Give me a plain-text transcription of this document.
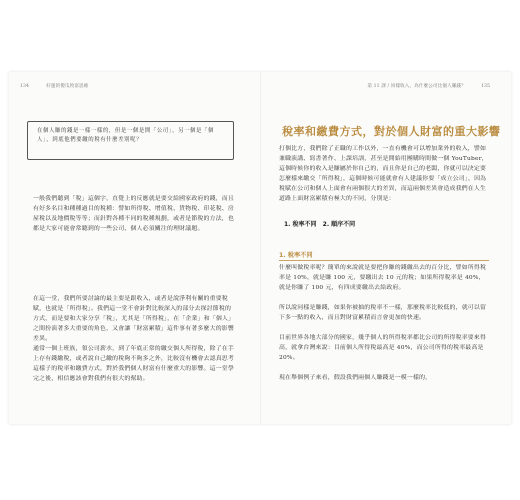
134	好運的傻瓜致富思維	第 11 課 / 同樣收入，為什麼公司比個人賺錢？	135
在個人賺的錢是一樣一樣的，但是一個是開「公司」，另一個是「個人」，到底他們要繳的稅有什麼差別呢？

一般我們聽到「稅」這個字，直覺上的反應就是要交給國家政府的錢，而且有好多名目和種種過目的稅種：譬如所得稅、增值稅、貨物稅、印花稅、房屋稅以及地價稅等等；而針對各種不同的稅種規劃，或者是節稅的方法，也都是大家可能會常聽到的一些公司、個人必須關注的理財議題。

在這一堂，我們所要討論的最主要是跟收入，或者是說淨利有關的重要稅賦，也就是「所得稅」。我們這一堂不會針對比較深入的部分去探討節稅的方式，而是要和大家分享「稅」，尤其是「所得稅」，在「企業」和「個人」之間扮演著多大重要的角色，又會讓「財富累積」這件事有著多麼大的影響差異。

稅率和繳費方式，對於個人財富的重大影響

打個比方，我們除了正職的工作以外，一直有機會可以增加業外的收入，譬如兼職演講、寫書著作、上課培訓，甚至是開始用團購時間做一個 YouTuber，這個時候你的收入是賺屬於你自己的，而且你是自己的老闆，你就可以決定要怎麼樣來繳交「所得稅」，這個時候可能就會有人建議你要「成立公司」，因為稅賦在公司和個人上面會有兩個很大的差異，而這兩個差異會造成我們在人生道路上面財富累積有極大的不同，分別是：

1. 稅率不同 2. 順序不同
1. 稅率不同

什麼叫做稅率呢？簡單的來說就是要把你賺的錢繳出去的百分比，譬如所得稅率是 10%，就是賺 100 元，要繳出去 10 元的稅；如果所得稅率是 40%，就是你賺了 100 元，有四成要繳出去給政府。

所以說同樣是賺錢，如果你被抽的稅率不一樣，那麼稅率比較低的，就可以留下多一點的收入，而且對財富累積而言會更加的快速。

目前世界各地大部分的國家，幾乎個人的所得稅率都比公司的所得稅率要來得高，就拿台灣來說：目前個人所得稅最高是 40%，而公司所得的稅率最高是 20%。

現在舉個例子來看，假設我們兩個人賺錢是一模一樣的，

通常一個上班族，領公司薪水，到了年底正常的繳交個人所得稅，除了在手上存有錢繳稅，或者說自己繳的稅夠不夠多之外，比較沒有機會去認真思考這樣子的稅率和繳費方式，對於我們個人財富有什麼重大的影響。這一堂學完之後，相信應該會對我們有很大的幫助。
